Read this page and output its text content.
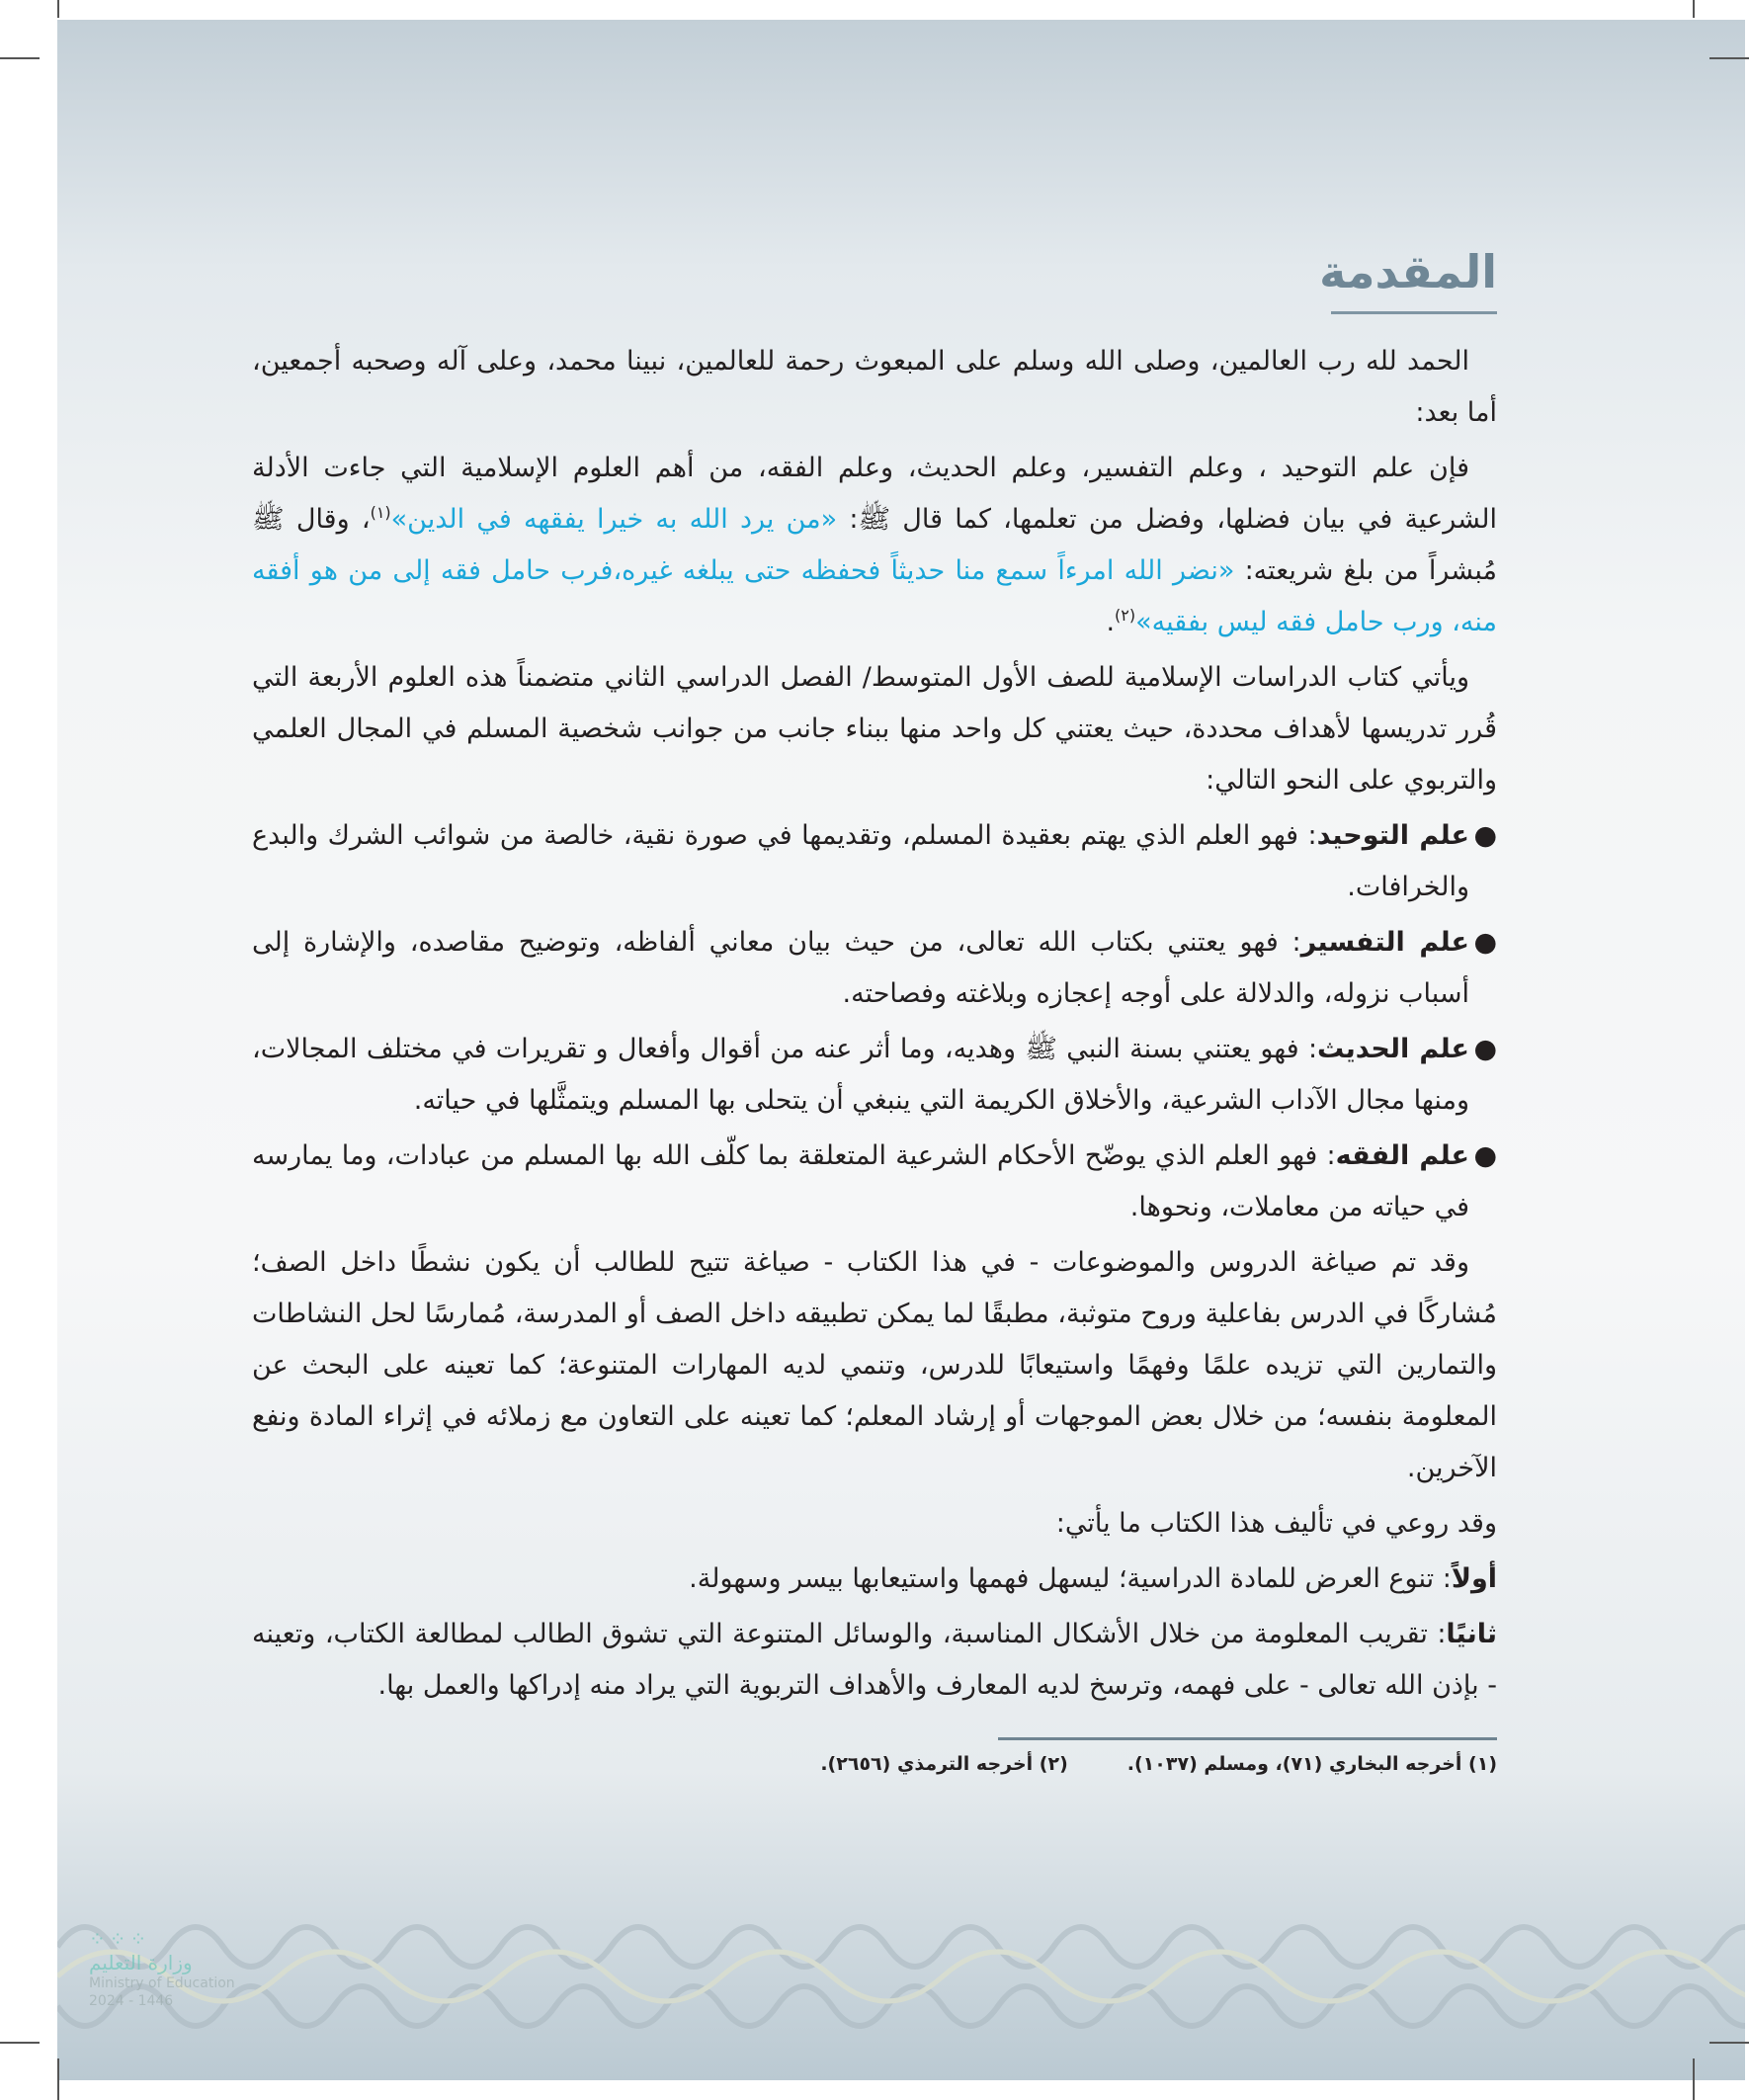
المقدمة

الحمد لله رب العالمين، وصلى الله وسلم على المبعوث رحمة للعالمين، نبينا محمد، وعلى آله وصحبه أجمعين، أما بعد:

فإن علم التوحيد ، وعلم التفسير، وعلم الحديث، وعلم الفقه، من أهم العلوم الإسلامية التي جاءت الأدلة الشرعية في بيان فضلها، وفضل من تعلمها، كما قال ﷺ: «من يرد الله به خيرا يفقهه في الدين»$^{(١)}$، وقال ﷺ مُبشراً من بلغ شريعته: «نضر الله امرءاً سمع منا حديثاً فحفظه حتى يبلغه غيره،فرب حامل فقه إلى من هو أفقه منه، ورب حامل فقه ليس بفقيه»$^{(٢)}$.

ويأتي كتاب الدراسات الإسلامية للصف الأول المتوسط/ الفصل الدراسي الثاني متضمناً هذه العلوم الأربعة التي قُرر تدريسها لأهداف محددة، حيث يعتني كل واحد منها ببناء جانب من جوانب شخصية المسلم في المجال العلمي والتربوي على النحو التالي:

●
علم التوحيد: فهو العلم الذي يهتم بعقيدة المسلم، وتقديمها في صورة نقية، خالصة من شوائب الشرك والبدع والخرافات.

●
علم التفسير: فهو يعتني بكتاب الله تعالى، من حيث بيان معاني ألفاظه، وتوضيح مقاصده، والإشارة إلى أسباب نزوله، والدلالة على أوجه إعجازه وبلاغته وفصاحته.

●
علم الحديث: فهو يعتني بسنة النبي ﷺ وهديه، وما أثر عنه من أقوال وأفعال و تقريرات في مختلف المجالات، ومنها مجال الآداب الشرعية، والأخلاق الكريمة التي ينبغي أن يتحلى بها المسلم ويتمثَّلها في حياته.

●
علم الفقه: فهو العلم الذي يوضّح الأحكام الشرعية المتعلقة بما كلّف الله بها المسلم من عبادات، وما يمارسه في حياته من معاملات، ونحوها.

وقد تم صياغة الدروس والموضوعات - في هذا الكتاب - صياغة تتيح للطالب أن يكون نشطًا داخل الصف؛ مُشاركًا في الدرس بفاعلية وروح متوثبة، مطبقًا لما يمكن تطبيقه داخل الصف أو المدرسة، مُمارسًا لحل النشاطات والتمارين التي تزيده علمًا وفهمًا واستيعابًا للدرس، وتنمي لديه المهارات المتنوعة؛ كما تعينه على البحث عن المعلومة بنفسه؛ من خلال بعض الموجهات أو إرشاد المعلم؛ كما تعينه على التعاون مع زملائه في إثراء المادة ونفع الآخرين.

وقد روعي في تأليف هذا الكتاب ما يأتي:

أولاً: تنوع العرض للمادة الدراسية؛ ليسهل فهمها واستيعابها بيسر وسهولة.

ثانيًا: تقريب المعلومة من خلال الأشكال المناسبة، والوسائل المتنوعة التي تشوق الطالب لمطالعة الكتاب، وتعينه - بإذن الله تعالى - على فهمه، وترسخ لديه المعارف والأهداف التربوية التي يراد منه إدراكها والعمل بها.

(١) أخرجه البخاري (٧١)، ومسلم (١٠٣٧).
(٢) أخرجه الترمذي (٢٦٥٦).
⁘⁘⁘
وزارة التعليم
Ministry of Education
2024 - 1446
